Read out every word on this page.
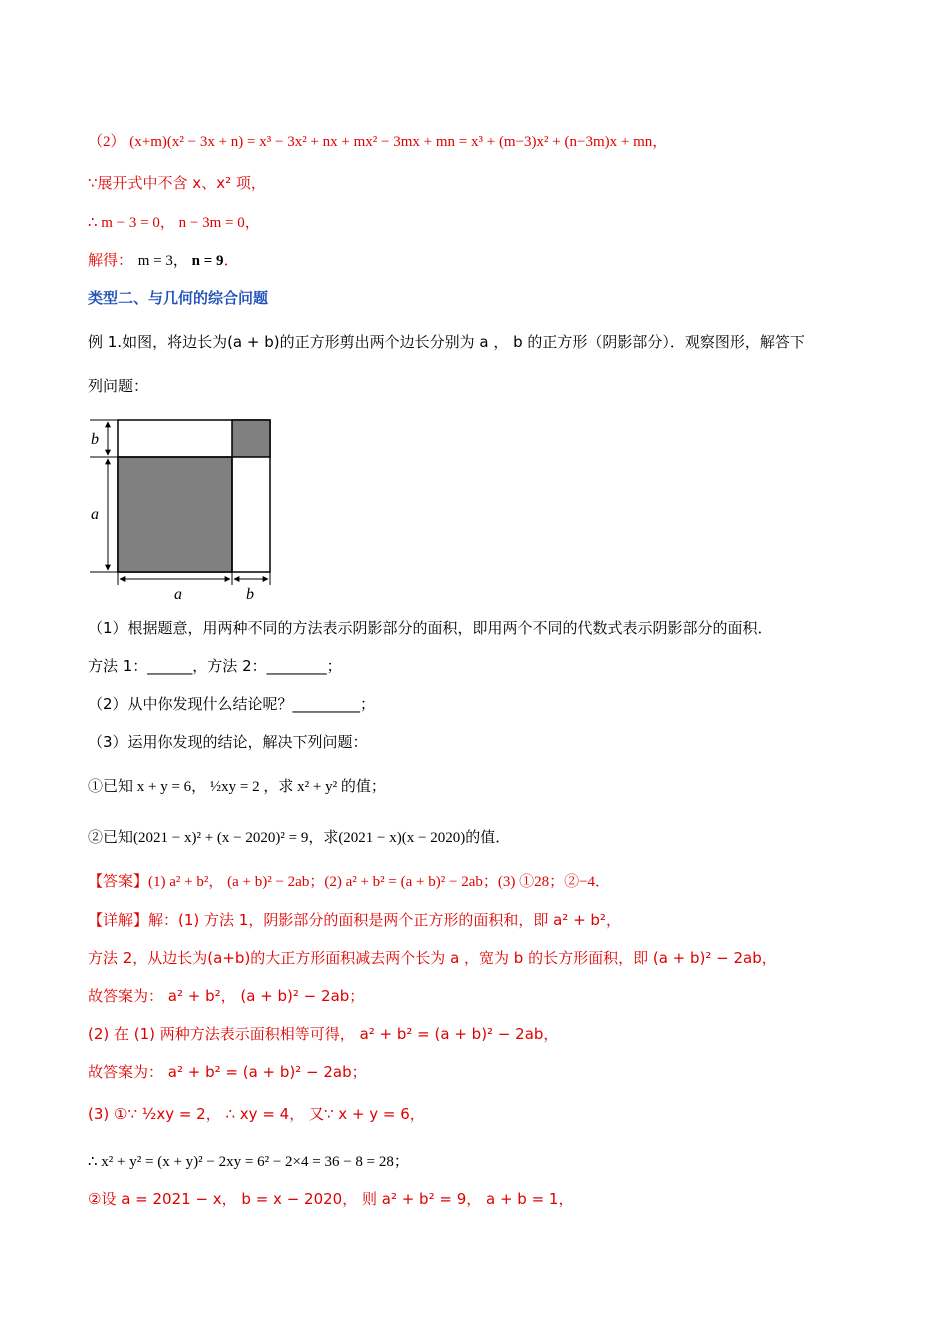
（2） (x+m)(x² − 3x + n) = x³ − 3x² + nx + mx² − 3mx + mn = x³ + (m−3)x² + (n−3m)x + mn，
∵展开式中不含 x、x² 项，
∴ m − 3 = 0， n − 3m = 0，
解得： m = 3， n = 9．
类型二、与几何的综合问题
例 1.如图，将边长为(a + b)的正方形剪出两个边长分别为 a ， b 的正方形（阴影部分）．观察图形，解答下
列问题：
b
a
a	b
（1）根据题意，用两种不同的方法表示阴影部分的面积，即用两个不同的代数式表示阴影部分的面积．
方法 1：______，方法 2：________；
（2）从中你发现什么结论呢？_________；
（3）运用你发现的结论，解决下列问题：
①已知 x + y = 6， ½xy = 2 ，求 x² + y² 的值；
②已知(2021 − x)² + (x − 2020)² = 9，求(2021 − x)(x − 2020)的值．
【答案】(1) a² + b²， (a + b)² − 2ab；(2) a² + b² = (a + b)² − 2ab；(3) ①28；②−4．
【详解】解：(1) 方法 1，阴影部分的面积是两个正方形的面积和，即 a² + b²，
方法 2，从边长为(a+b)的大正方形面积减去两个长为 a ，宽为 b 的长方形面积，即 (a + b)² − 2ab，
故答案为： a² + b²， (a + b)² − 2ab；
(2) 在 (1) 两种方法表示面积相等可得， a² + b² = (a + b)² − 2ab，
故答案为： a² + b² = (a + b)² − 2ab；
(3) ①∵ ½xy = 2， ∴ xy = 4， 又∵ x + y = 6，
∴ x² + y² = (x + y)² − 2xy = 6² − 2×4 = 36 − 8 = 28；
②设 a = 2021 − x， b = x − 2020， 则 a² + b² = 9， a + b = 1，
